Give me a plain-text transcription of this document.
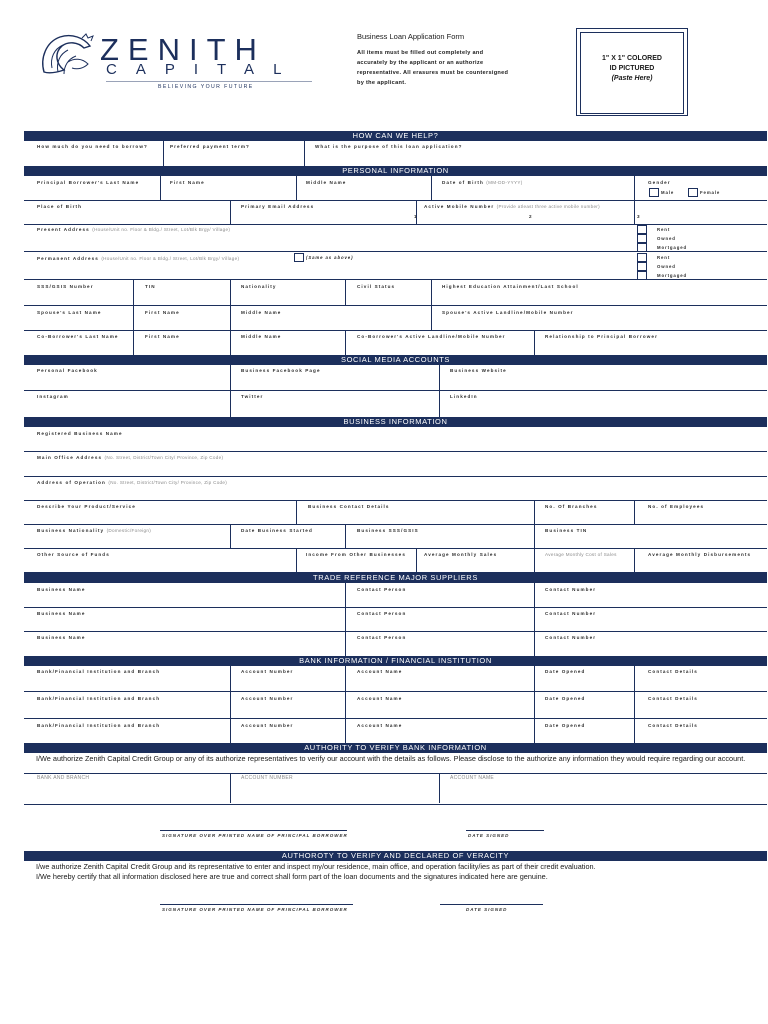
ZENITH
CAPITAL
BELIEVING YOUR FUTURE
Business Loan Application Form
All items must be filled out completely and accurately by the applicant or an authorize representative. All erasures must be countersigned by the applicant.
1" X 1" COLORED
ID PICTURED
(Paste Here)
HOW CAN WE HELP?
How much do you need to borrow?	Preferred payment term?	What is the purpose of this loan application?
PERSONAL INFORMATION
Principal Borrower's Last Name	First Name	Middle Name	Date of Birth (MM-DD-YYYY)	Gender
Male	Female
Place of Birth	Primary Email Address	Active Mobile Number (Provide atleast three active mobile number)
1	2	3
Present Address (House/Unit no. Floor & Bldg./ Street, Lot/Blk Brgy/ Village)	Rent
Owned
Mortgaged
Permanent Address (House/Unit no. Floor & Bldg./ Street, Lot/Blk Brgy/ Village)	(Same as above)	Rent
Owned
Mortgaged
SSS/GSIS Number	TIN	Nationality	Civil Status	Highest Education Attainment/Last School
Spouse's Last Name	First Name	Middle Name	Spouse's Active Landline/Mobile Number
Co-Borrower's Last Name	First Name	Middle Name	Co-Borrower's Active Landline/Mobile Number	Relationship to Principal Borrower
SOCIAL MEDIA ACCOUNTS
Personal Facebook	Business Facebook Page	Business Website
Instagram	Twitter	LinkedIn
BUSINESS INFORMATION
Registered Business Name
Main Office Address (No. Street, District/Town City/ Province, Zip Code)
Address of Operation (No. Street, District/Town City/ Province, Zip Code)
Describe Your Product/Service	Business Contact Details	No. Of Branches	No. of Employees
Business Nationality (Domestic/Foreign)	Date Business Started	Business SSS/GSIS	Business TIN
Other Source of Funds	Income From Other Businesses	Average Monthly Sales	Average Monthly Cost of Sales	Average Monthly Disbursements
TRADE REFERENCE MAJOR SUPPLIERS
Business Name	Contact Person	Contact Number
Business Name	Contact Person	Contact Number
Business Name	Contact Person	Contact Number
BANK INFORMATION / FINANCIAL INSTITUTION
Bank/Financial Institution and Branch	Account Number	Account Name	Date Opened	Contact Details
Bank/Financial Institution and Branch	Account Number	Account Name	Date Opened	Contact Details
Bank/Financial Institution and Branch	Account Number	Account Name	Date Opened	Contact Details
AUTHORITY TO VERIFY BANK INFORMATION
I/We authorize Zenith Capital Credit Group or any of its authorize representatives to verify our account with the details as follows. Please disclose to the authorize any information they would require regarding our account.
BANK AND BRANCH	ACCOUNT NUMBER	ACCOUNT NAME
SIGNATURE OVER PRINTED NAME OF PRINCIPAL BORROWER	DATE SIGNED
AUTHOROTY TO VERIFY AND DECLARED OF VERACITY
I/we authorize Zenith Capital Credit Group and its representative to enter and inspect my/our residence, main office, and operation facility/ies as part of their credit evaluation.
I/We hereby certify that all information disclosed here are true and correct shall form part of the loan documents and the signatures indicated here are genuine.
SIGNATURE OVER PRINTED NAME OF PRINCIPAL BORROWER	DATE SIGNED
